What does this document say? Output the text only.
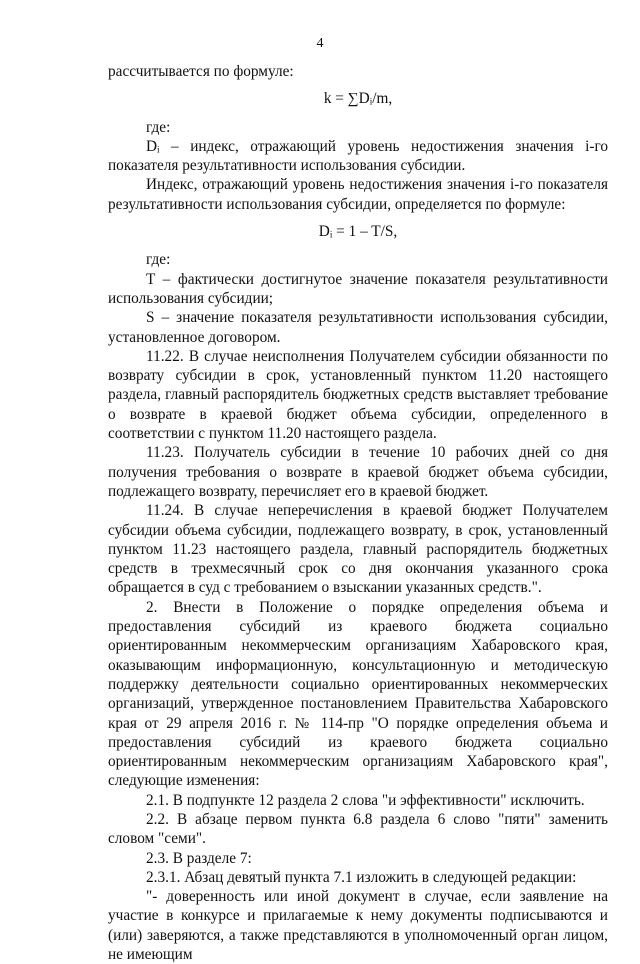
4

рассчитывается по формуле:

k = ∑Dᵢ/m,

где:

Dᵢ – индекс, отражающий уровень недостижения значения i-го показателя результативности использования субсидии.

Индекс, отражающий уровень недостижения значения i-го показателя результативности использования субсидии, определяется по формуле:

Dᵢ = 1 – T/S,

где:

T – фактически достигнутое значение показателя результативности использования субсидии;

S – значение показателя результативности использования субсидии, установленное договором.

11.22. В случае неисполнения Получателем субсидии обязанности по возврату субсидии в срок, установленный пунктом 11.20 настоящего раздела, главный распорядитель бюджетных средств выставляет требование о возврате в краевой бюджет объема субсидии, определенного в соответствии с пунктом 11.20 настоящего раздела.

11.23. Получатель субсидии в течение 10 рабочих дней со дня получения требования о возврате в краевой бюджет объема субсидии, подлежащего возврату, перечисляет его в краевой бюджет.

11.24. В случае неперечисления в краевой бюджет Получателем субсидии объема субсидии, подлежащего возврату, в срок, установленный пунктом 11.23 настоящего раздела, главный распорядитель бюджетных средств в трехмесячный срок со дня окончания указанного срока обращается в суд с требованием о взыскании указанных средств.".

2. Внести в Положение о порядке определения объема и предоставления субсидий из краевого бюджета социально ориентированным некоммерческим организациям Хабаровского края, оказывающим информационную, консультационную и методическую поддержку деятельности социально ориентированных некоммерческих организаций, утвержденное постановлением Правительства Хабаровского края от 29 апреля 2016 г. № 114-пр "О порядке определения объема и предоставления субсидий из краевого бюджета социально ориентированным некоммерческим организациям Хабаровского края", следующие изменения:

2.1. В подпункте 12 раздела 2 слова "и эффективности" исключить.

2.2. В абзаце первом пункта 6.8 раздела 6 слово "пяти" заменить словом "семи".

2.3. В разделе 7:

2.3.1. Абзац девятый пункта 7.1 изложить в следующей редакции:

"- доверенность или иной документ в случае, если заявление на участие в конкурсе и прилагаемые к нему документы подписываются и (или) заверяются, а также представляются в уполномоченный орган лицом, не имеющим
